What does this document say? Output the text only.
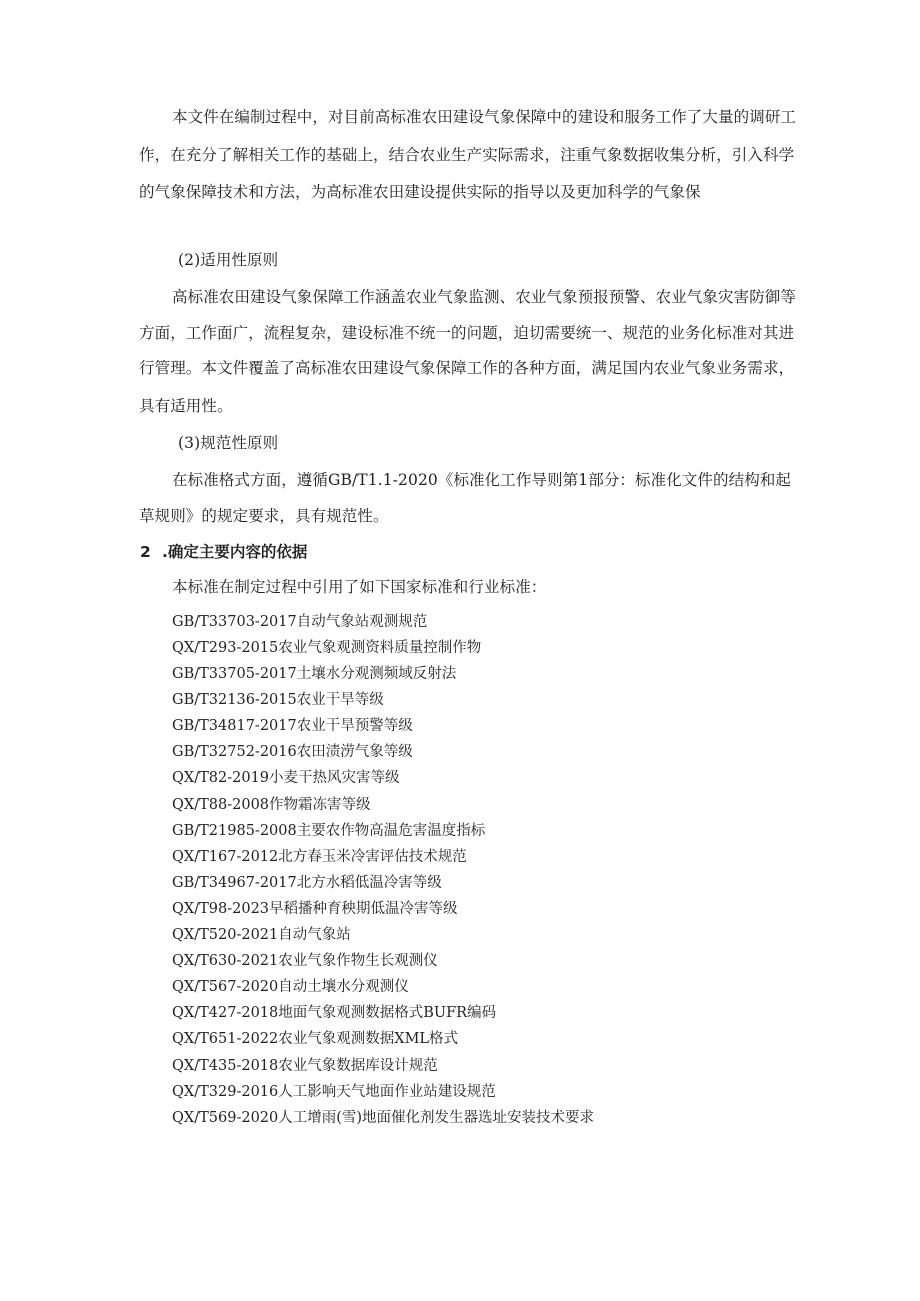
本文件在编制过程中，对目前高标准农田建设气象保障中的建设和服务工作了大量的调研工
作，在充分了解相关工作的基础上，结合农业生产实际需求，注重气象数据收集分析，引入科学
的气象保障技术和方法，为高标准农田建设提供实际的指导以及更加科学的气象保
(2)适用性原则
高标准农田建设气象保障工作涵盖农业气象监测、农业气象预报预警、农业气象灾害防御等
方面，工作面广，流程复杂，建设标准不统一的问题，迫切需要统一、规范的业务化标准对其进
行管理。本文件覆盖了高标准农田建设气象保障工作的各种方面，满足国内农业气象业务需求，
具有适用性。
(3)规范性原则
在标准格式方面，遵循GB/T1.1-2020《标准化工作导则第1部分：标准化文件的结构和起
草规则》的规定要求，具有规范性。
2 .确定主要内容的依据
本标准在制定过程中引用了如下国家标准和行业标准：
GB/T33703-2017自动气象站观测规范
QX/T293-2015农业气象观测资料质量控制作物
GB/T33705-2017土壤水分观测频域反射法
GB/T32136-2015农业干旱等级
GB/T34817-2017农业干旱预警等级
GB/T32752-2016农田渍涝气象等级
QX/T82-2019小麦干热风灾害等级
QX/T88-2008作物霜冻害等级
GB/T21985-2008主要农作物高温危害温度指标
QX/T167-2012北方春玉米冷害评估技术规范
GB/T34967-2017北方水稻低温冷害等级
QX/T98-2023早稻播种育秧期低温冷害等级
QX/T520-2021自动气象站
QX/T630-2021农业气象作物生长观测仪
QX/T567-2020自动土壤水分观测仪
QX/T427-2018地面气象观测数据格式BUFR编码
QX/T651-2022农业气象观测数据XML格式
QX/T435-2018农业气象数据库设计规范
QX/T329-2016人工影响天气地面作业站建设规范
QX/T569-2020人工增雨(雪)地面催化剂发生器选址安装技术要求
